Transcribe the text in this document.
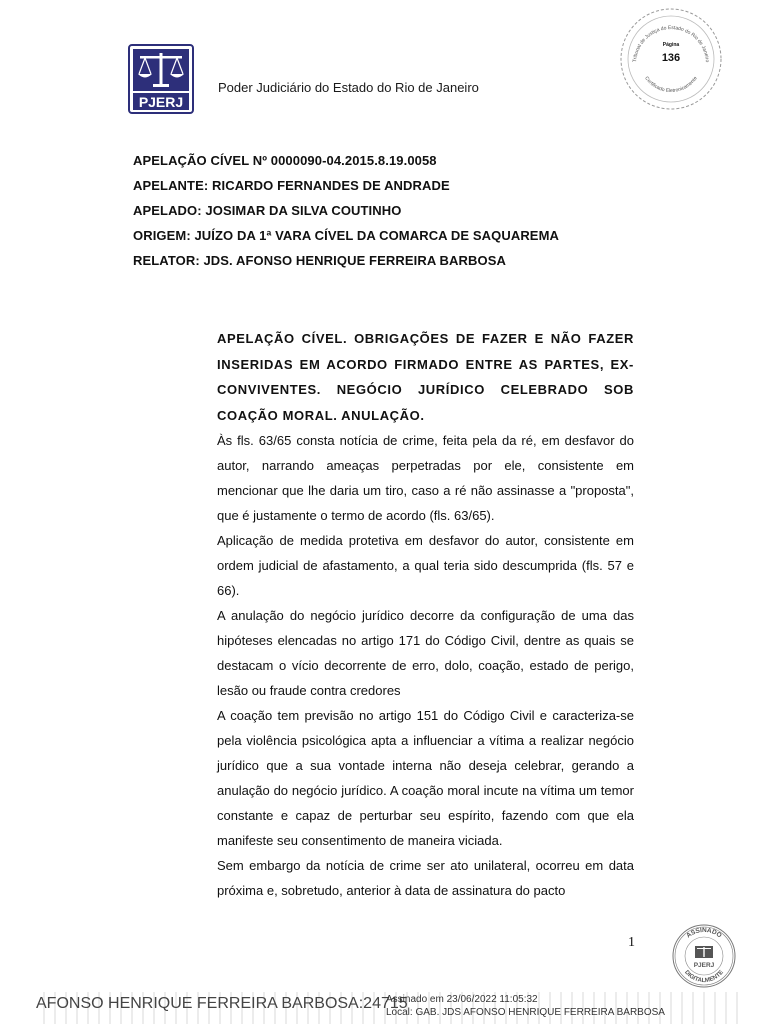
PJERJ
Poder Judiciário do Estado do Rio de Janeiro
Tribunal de Justiça do Estado do Rio de Janeiro
Certificado Eletronicamente
Página
136
APELAÇÃO CÍVEL Nº 0000090-04.2015.8.19.0058
APELANTE: RICARDO FERNANDES DE ANDRADE
APELADO: JOSIMAR DA SILVA COUTINHO
ORIGEM: JUÍZO DA 1ª VARA CÍVEL DA COMARCA DE SAQUAREMA
RELATOR: JDS. AFONSO HENRIQUE FERREIRA BARBOSA

APELAÇÃO CÍVEL. OBRIGAÇÕES DE FAZER E NÃO FAZER INSERIDAS EM ACORDO FIRMADO ENTRE AS PARTES, EX-CONVIVENTES. NEGÓCIO JURÍDICO CELEBRADO SOB COAÇÃO MORAL. ANULAÇÃO.

Às fls. 63/65 consta notícia de crime, feita pela da ré, em desfavor do autor, narrando ameaças perpetradas por ele, consistente em mencionar que lhe daria um tiro, caso a ré não assinasse a "proposta", que é justamente o termo de acordo (fls. 63/65).

Aplicação de medida protetiva em desfavor do autor, consistente em ordem judicial de afastamento, a qual teria sido descumprida (fls. 57 e 66).

A anulação do negócio jurídico decorre da configuração de uma das hipóteses elencadas no artigo 171 do Código Civil, dentre as quais se destacam o vício decorrente de erro, dolo, coação, estado de perigo, lesão ou fraude contra credores

A coação tem previsão no artigo 151 do Código Civil e caracteriza-se pela violência psicológica apta a influenciar a vítima a realizar negócio jurídico que a sua vontade interna não deseja celebrar, gerando a anulação do negócio jurídico. A coação moral incute na vítima um temor constante e capaz de perturbar seu espírito, fazendo com que ela manifeste seu consentimento de maneira viciada.

Sem embargo da notícia de crime ser ato unilateral, ocorreu em data próxima e, sobretudo, anterior à data de assinatura do pacto

1	ASSINADO
DIGITALMENTE
PJERJ
AFONSO HENRIQUE FERREIRA BARBOSA:24715
Assinado em 23/06/2022 11:05:32
Local: GAB. JDS AFONSO HENRIQUE FERREIRA BARBOSA
